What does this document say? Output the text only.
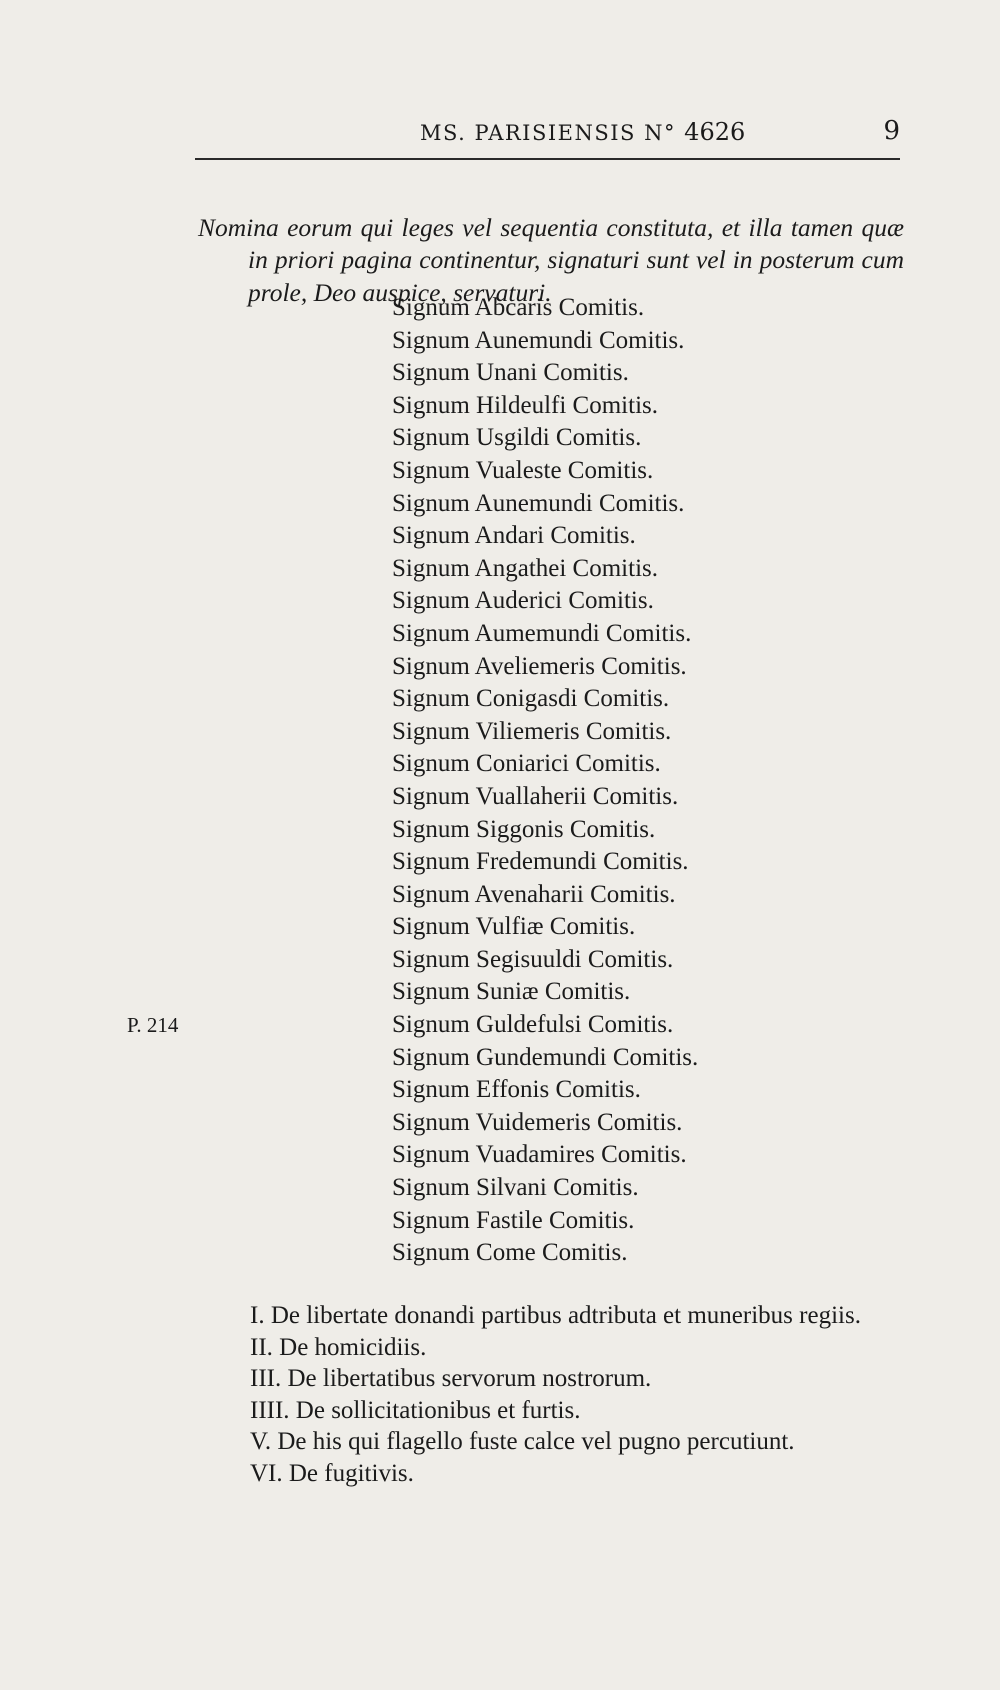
MS. PARISIENSIS N° 4626	9

Nomina eorum qui leges vel sequentia constituta, et illa tamen quæ in priori pagina continentur, signaturi sunt vel in posterum cum prole, Deo auspice, servaturi.

Signum Abcaris Comitis.
Signum Aunemundi Comitis.
Signum Unani Comitis.
Signum Hildeulfi Comitis.
Signum Usgildi Comitis.
Signum Vualeste Comitis.
Signum Aunemundi Comitis.
Signum Andari Comitis.
Signum Angathei Comitis.
Signum Auderici Comitis.
Signum Aumemundi Comitis.
Signum Aveliemeris Comitis.
Signum Conigasdi Comitis.
Signum Viliemeris Comitis.
Signum Coniarici Comitis.
Signum Vuallaherii Comitis.
Signum Siggonis Comitis.
Signum Fredemundi Comitis.
Signum Avenaharii Comitis.
Signum Vulfiæ Comitis.
Signum Segisuuldi Comitis.
Signum Suniæ Comitis.
Signum Guldefulsi Comitis.
Signum Gundemundi Comitis.
Signum Effonis Comitis.
Signum Vuidemeris Comitis.
Signum Vuadamires Comitis.
Signum Silvani Comitis.
Signum Fastile Comitis.
Signum Come Comitis.
P. 214
I. De libertate donandi partibus adtributa et muneribus regiis.
II. De homicidiis.
III. De libertatibus servorum nostrorum.
IIII. De sollicitationibus et furtis.
V. De his qui flagello fuste calce vel pugno percutiunt.
VI. De fugitivis.
